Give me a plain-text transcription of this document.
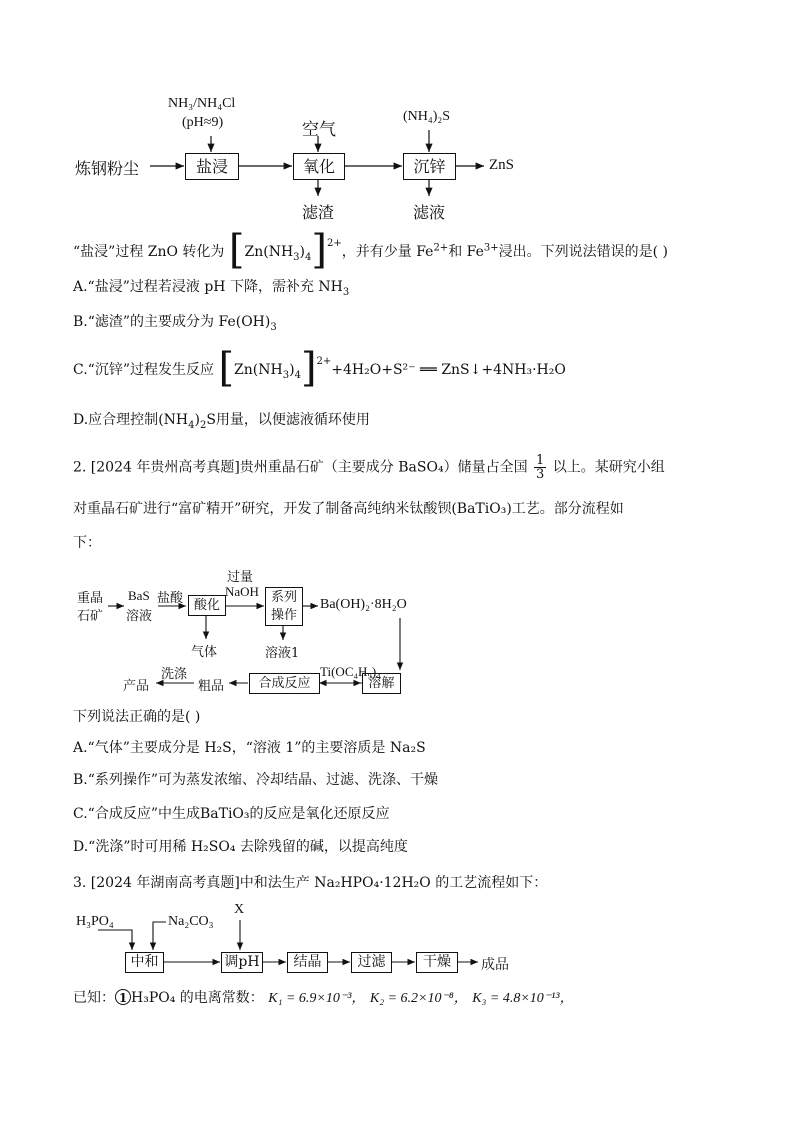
NH₃/NH₄Cl
(pH≈9)	空气
(NH₄)₂S
炼钢粉尘	盐浸	氧化	沉锌	ZnS
滤渣	滤液
“盐浸”过程 ZnO 转化为 $[Zn(NH_3)_4]^{2+}$，并有少量 $Fe^{2+}$和 $Fe^{3+}$浸出。下列说法错误的是( )
A.“盐浸”过程若浸液 pH 下降，需补充 $NH_3$
B.“滤渣”的主要成分为 $Fe(OH)_3$
C.“沉锌”过程发生反应 $[Zn(NH_3)_4]^{2+}+4H_2O+S^{2-}$ ══ ZnS↓+4NH₃·H₂O
D.应合理控制$(NH_4)_2S$用量，以便滤液循环使用
2. [2024 年贵州高考真题]贵州重晶石矿（主要成分 BaSO₄）储量占全国 $\frac{1}{3}$ 以上。某研究小组
对重晶石矿进行“富矿精开”研究，开发了制备高纯纳米钛酸钡(BaTiO₃)工艺。部分流程如
下：
重晶
石矿
BaS
溶液
盐酸 酸化
过量
NaOH 系列
操作
Ba(OH)₂·8H₂O
气体	溶液1
Ti(OC₄H₉)₄
溶解
合成反应
粗品
洗涤
产品
下列说法正确的是( )
A.“气体”主要成分是 H₂S，“溶液 1”的主要溶质是 Na₂S
B.“系列操作”可为蒸发浓缩、冷却结晶、过滤、洗涤、干燥
C.“合成反应”中生成BaTiO₃的反应是氧化还原反应
D.“洗涤”时可用稀 H₂SO₄ 去除残留的碱，以提高纯度
3. [2024 年湖南高考真题]中和法生产 Na₂HPO₄·12H₂O 的工艺流程如下：
H₃PO₄	Na₂CO₃
X
中和	调pH	结晶	过滤	干燥	成品
已知： 1 H₃PO₄ 的电离常数： K₁ = 6.9×10⁻³， K₂ = 6.2×10⁻⁸， K₃ = 4.8×10⁻¹³，
